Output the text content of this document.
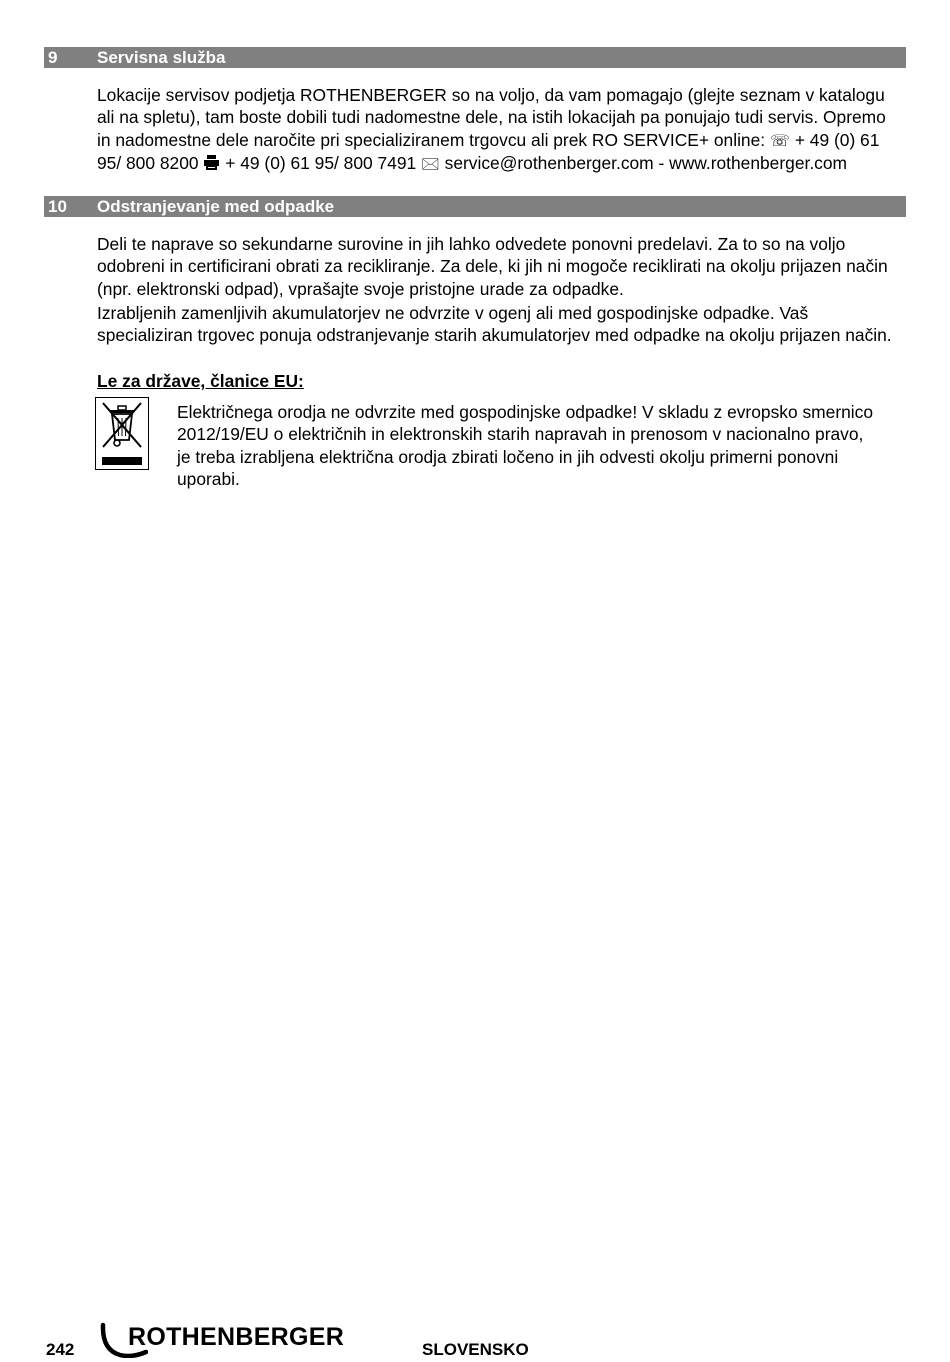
9 Servisna služba

Lokacije servisov podjetja ROTHENBERGER so na voljo, da vam pomagajo (glejte seznam v katalogu ali na spletu), tam boste dobili tudi nadomestne dele, na istih lokacijah pa ponujajo tudi servis. Opremo in nadomestne dele naročite pri specializiranem trgovcu ali prek RO SERVICE+ online: ☏ + 49 (0) 61 95/ 800 8200 + 49 (0) 61 95/ 800 7491 🖂 service@rothenberger.com - www.rothenberger.com

10 Odstranjevanje med odpadke

Deli te naprave so sekundarne surovine in jih lahko odvedete ponovni predelavi. Za to so na voljo odobreni in certificirani obrati za recikliranje. Za dele, ki jih ni mogoče reciklirati na okolju prijazen način (npr. elektronski odpad), vprašajte svoje pristojne urade za odpadke.

Izrabljenih zamenljivih akumulatorjev ne odvrzite v ogenj ali med gospodinjske odpadke. Vaš specializiran trgovec ponuja odstranjevanje starih akumulatorjev med odpadke na okolju prijazen način.

Le za države, članice EU:

Električnega orodja ne odvrzite med gospodinjske odpadke! V skladu z evropsko smernico 2012/19/EU o električnih in elektronskih starih napravah in prenosom v nacionalno pravo, je treba izrabljena električna orodja zbirati ločeno in jih odvesti okolju primerni ponovni uporabi.

242 ROTHENBERGER	SLOVENSKO
